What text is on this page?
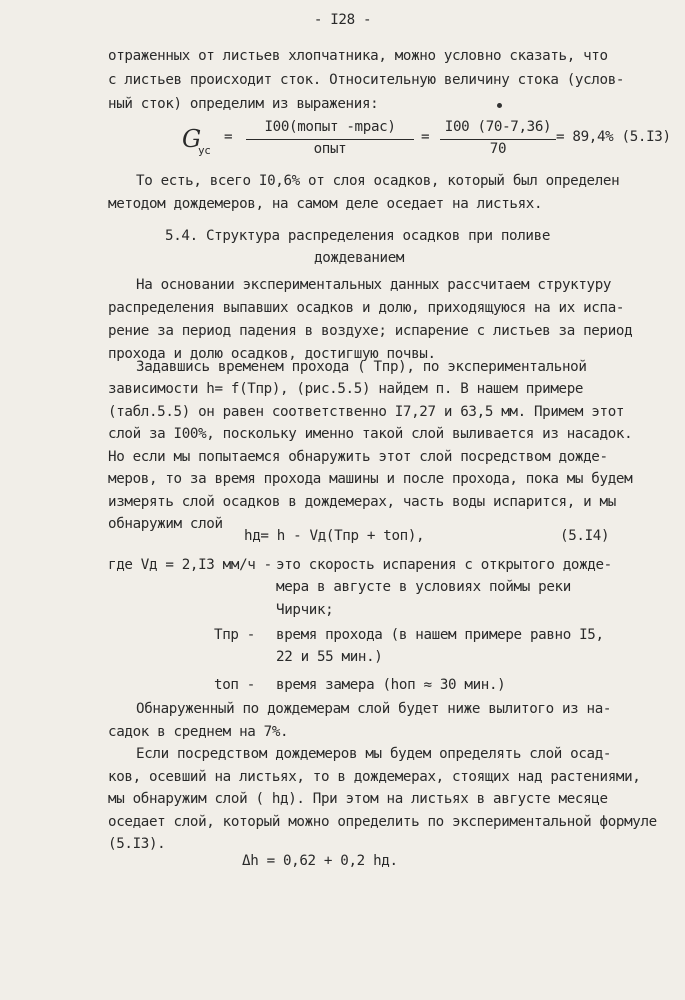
- I28 -
отраженных от листьев хлопчатника, можно условно сказать, что
с листьев происходит сток. Относительную величину стока (услов-
ный сток) определим из выражения:
G
ус
=
I00(mопыт -mрас)
опыт
=
I00 (70-7,36)
70
= 89,4% (5.I3)
То есть, всего I0,6% от слоя осадков, который был определен
методом дождемеров, на самом деле оседает на листьях.
5.4. Структура распределения осадков при поливе
дождеванием
На основании экспериментальных данных рассчитаем структуру
распределения выпавших осадков и долю, приходящуюся на их испа-
рение за период падения в воздухе; испарение с листьев за период
прохода и долю осадков, достигшую почвы.
Задавшись временем прохода ( Tпр), по экспериментальной
зависимости h= f(Tпр), (рис.5.5) найдем п. В нашем примере
(табл.5.5) он равен соответственно I7,27 и 63,5 мм. Примем этот
слой за I00%, поскольку именно такой слой выливается из насадок.
Но если мы попытаемся обнаружить этот слой посредством дожде-
меров, то за время прохода машины и после прохода, пока мы будем
измерять слой осадков в дождемерах, часть воды испарится, и мы
обнаружим слой
hд= h - Vд(Tпр + tоп),	(5.I4)
где Vд = 2,I3 мм/ч - это скорость испарения с открытого дожде-
мера в августе в условиях поймы реки
Чирчик;
Tпр - время прохода (в нашем примере равно I5,
22 и 55 мин.)
tоп - время замера (hоп ≈ 30 мин.)
Обнаруженный по дождемерам слой будет ниже вылитого из на-
садок в среднем на 7%.
Если посредством дождемеров мы будем определять слой осад-
ков, осевший на листьях, то в дождемерах, стоящих над растениями,
мы обнаружим слой ( hд). При этом на листьях в августе месяце
оседает слой, который можно определить по экспериментальной формуле
(5.I3).
Δh = 0,62 + 0,2 hд.
